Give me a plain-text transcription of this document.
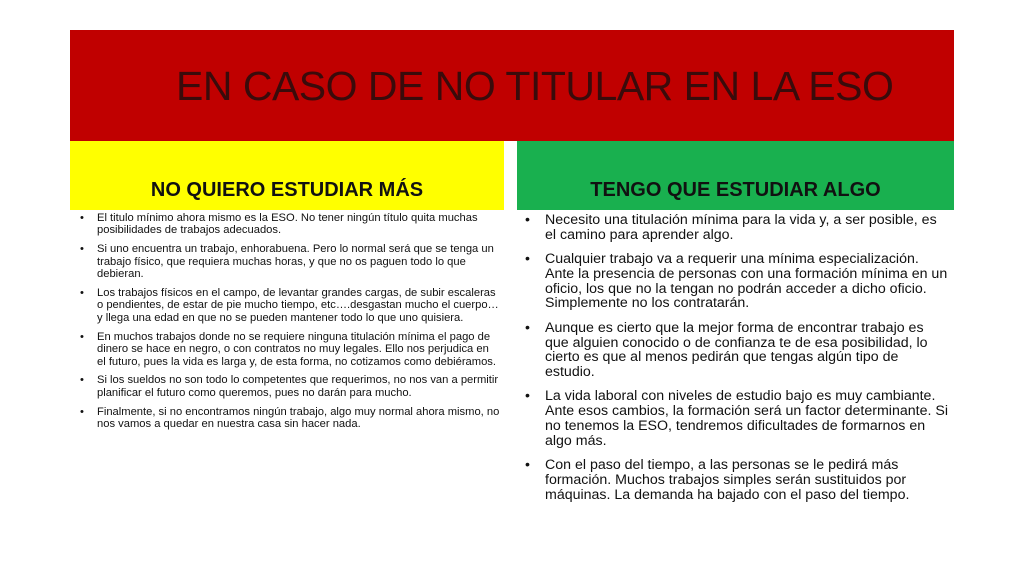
EN CASO DE NO TITULAR EN LA ESO
NO QUIERO ESTUDIAR MÁS	TENGO QUE ESTUDIAR ALGO
• El titulo mínimo ahora mismo es la ESO. No tener ningún título quita muchas posibilidades de trabajos adecuados.
• Si uno encuentra un trabajo, enhorabuena. Pero lo normal será que se tenga un trabajo físico, que requiera muchas horas, y que no os paguen todo lo que debieran.
• Los trabajos físicos en el campo, de levantar grandes cargas, de subir escaleras o pendientes, de estar de pie mucho tiempo, etc….desgastan mucho el cuerpo…y llega una edad en que no se pueden mantener todo lo que uno quisiera.
• En muchos trabajos donde no se requiere ninguna titulación mínima el pago de dinero se hace en negro, o con contratos no muy legales. Ello nos perjudica en el futuro, pues la vida es larga y, de esta forma, no cotizamos como debiéramos.
• Si los sueldos no son todo lo competentes que requerimos, no nos van a permitir planificar el futuro como queremos, pues no darán para mucho.
• Finalmente, si no encontramos ningún trabajo, algo muy normal ahora mismo, no nos vamos a quedar en nuestra casa sin hacer nada.
• Necesito una titulación mínima para la vida y, a ser posible, es el camino para aprender algo.
• Cualquier trabajo va a requerir una mínima especialización. Ante la presencia de personas con una formación mínima en un oficio, los que no la tengan no podrán acceder a dicho oficio. Simplemente no los contratarán.
• Aunque es cierto que la mejor forma de encontrar trabajo es que alguien conocido o de confianza te de esa posibilidad, lo cierto es que al menos pedirán que tengas algún tipo de estudio.
• La vida laboral con niveles de estudio bajo es muy cambiante. Ante esos cambios, la formación será un factor determinante. Si no tenemos la ESO, tendremos dificultades de formarnos en algo más.
• Con el paso del tiempo, a las personas se le pedirá más formación. Muchos trabajos simples serán sustituidos por máquinas. La demanda ha bajado con el paso del tiempo.
